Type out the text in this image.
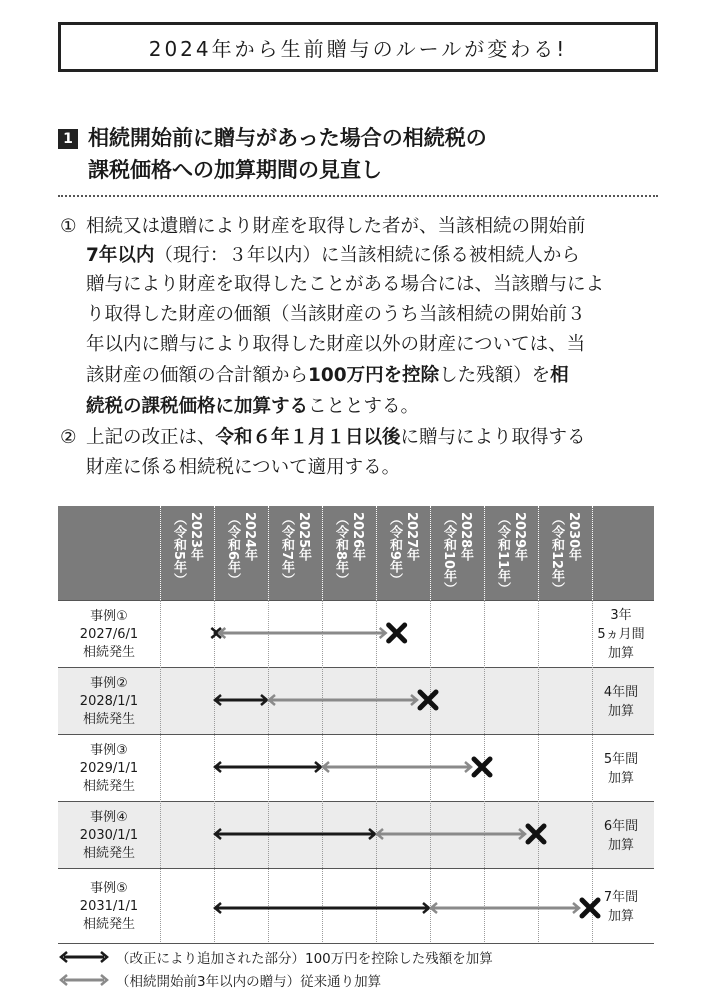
2024年から生前贈与のルールが変わる!
1 相続開始前に贈与があった場合の相続税の
課税価格への加算期間の見直し
① 相続又は遺贈により財産を取得した者が、当該相続の開始前
7年以内（現行：３年以内）に当該相続に係る被相続人から
贈与により財産を取得したことがある場合には、当該贈与によ
り取得した財産の価額（当該財産のうち当該相続の開始前３
年以内に贈与により取得した財産以外の財産については、当
該財産の価額の合計額から100万円を控除した残額）を相
続税の課税価格に加算することとする。
② 上記の改正は、令和６年１月１日以後に贈与により取得する
財産に係る相続税について適用する。
（令和5年） 2023年 （令和6年） 2024年 （令和7年） 2025年 （令和8年） 2026年 （令和9年） 2027年 （令和10年） 2028年 （令和11年） 2029年 （令和12年） 2030年
事例①
2027/6/1
相続発生
3年
5ヵ月間
加算
事例②
2028/1/1
相続発生
4年間
加算
事例③
2029/1/1
相続発生
5年間
加算
事例④
2030/1/1
相続発生
6年間
加算
事例⑤
2031/1/1
相続発生
7年間
加算
（改正により追加された部分）100万円を控除した残額を加算
（相続開始前3年以内の贈与）従来通り加算
